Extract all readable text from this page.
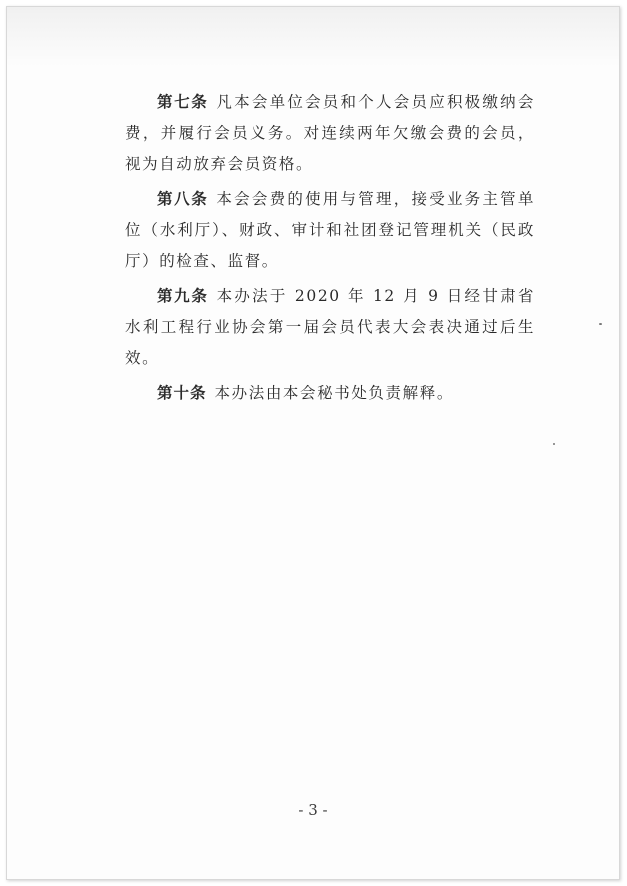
第七条 凡本会单位会员和个人会员应积极缴纳会费，并履行会员义务。对连续两年欠缴会费的会员，视为自动放弃会员资格。

第八条 本会会费的使用与管理，接受业务主管单位（水利厅）、财政、审计和社团登记管理机关（民政厅）的检查、监督。

第九条 本办法于 2020 年 12 月 9 日经甘肃省水利工程行业协会第一届会员代表大会表决通过后生效。

第十条 本办法由本会秘书处负责解释。

- 3 -
